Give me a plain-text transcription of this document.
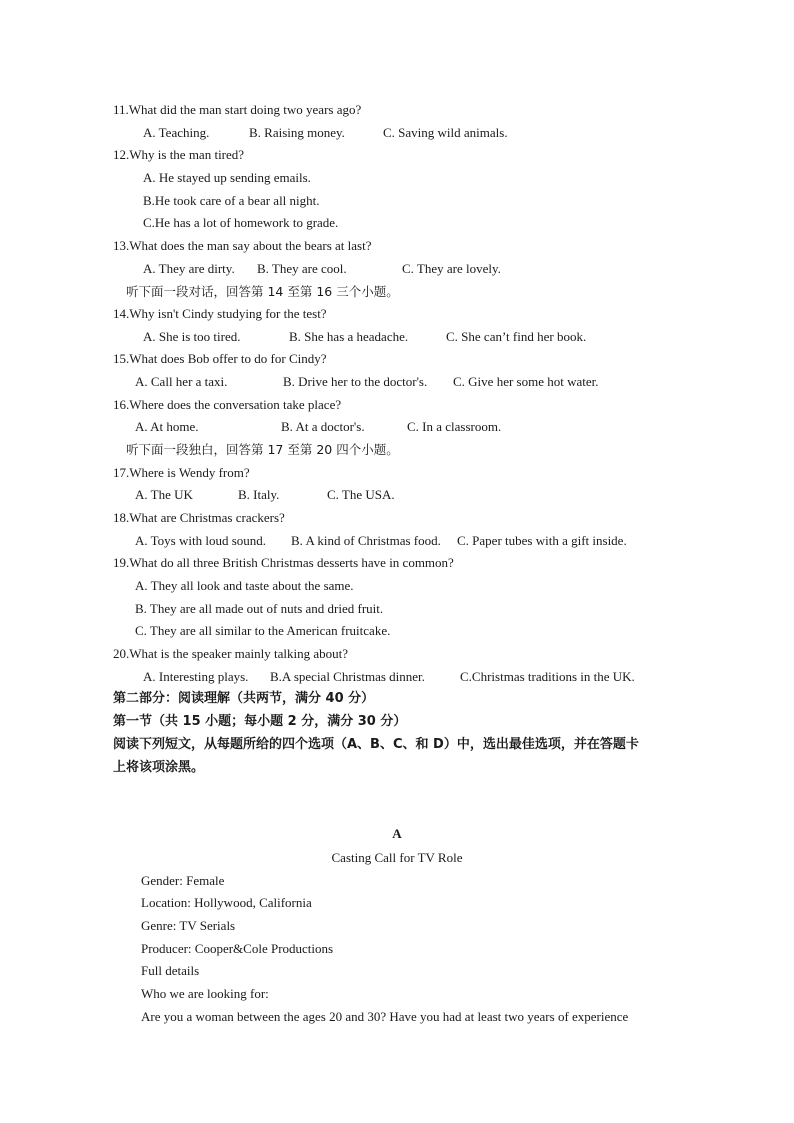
11.What did the man start doing two years ago?
A. Teaching.	B. Raising money.	C. Saving wild animals.
12.Why is the man tired?
A. He stayed up sending emails.
B.He took care of a bear all night.
C.He has a lot of homework to grade.
13.What does the man say about the bears at last?
A. They are dirty. B. They are cool.	C. They are lovely.
听下面一段对话，回答第 14 至第 16 三个小题。
14.Why isn't Cindy studying for the test?
A. She is too tired.	B. She has a headache.	C. She can’t find her book.
15.What does Bob offer to do for Cindy?
A. Call her a taxi.	B. Drive her to the doctor's. C. Give her some hot water.
16.Where does the conversation take place?
A. At home.	B. At a doctor's.	C. In a classroom.
听下面一段独白，回答第 17 至第 20 四个小题。
17.Where is Wendy from?
A. The UK	B. Italy.	C. The USA.
18.What are Christmas crackers?
A. Toys with loud sound. B. A kind of Christmas food. C. Paper tubes with a gift inside.
19.What do all three British Christmas desserts have in common?
A. They all look and taste about the same.
B. They are all made out of nuts and dried fruit.
C. They are all similar to the American fruitcake.
20.What is the speaker mainly talking about?
A. Interesting plays. B.A special Christmas dinner.	C.Christmas traditions in the UK.
第二部分：阅读理解（共两节，满分 40 分）
第一节（共 15 小题；每小题 2 分，满分 30 分）
阅读下列短文，从每题所给的四个选项（A、B、C、和 D）中，选出最佳选项，并在答题卡
上将该项涂黑。
A
Casting Call for TV Role
Gender: Female
Location: Hollywood, California
Genre: TV Serials
Producer: Cooper&Cole Productions
Full details
Who we are looking for:
Are you a woman between the ages 20 and 30? Have you had at least two years of experience
